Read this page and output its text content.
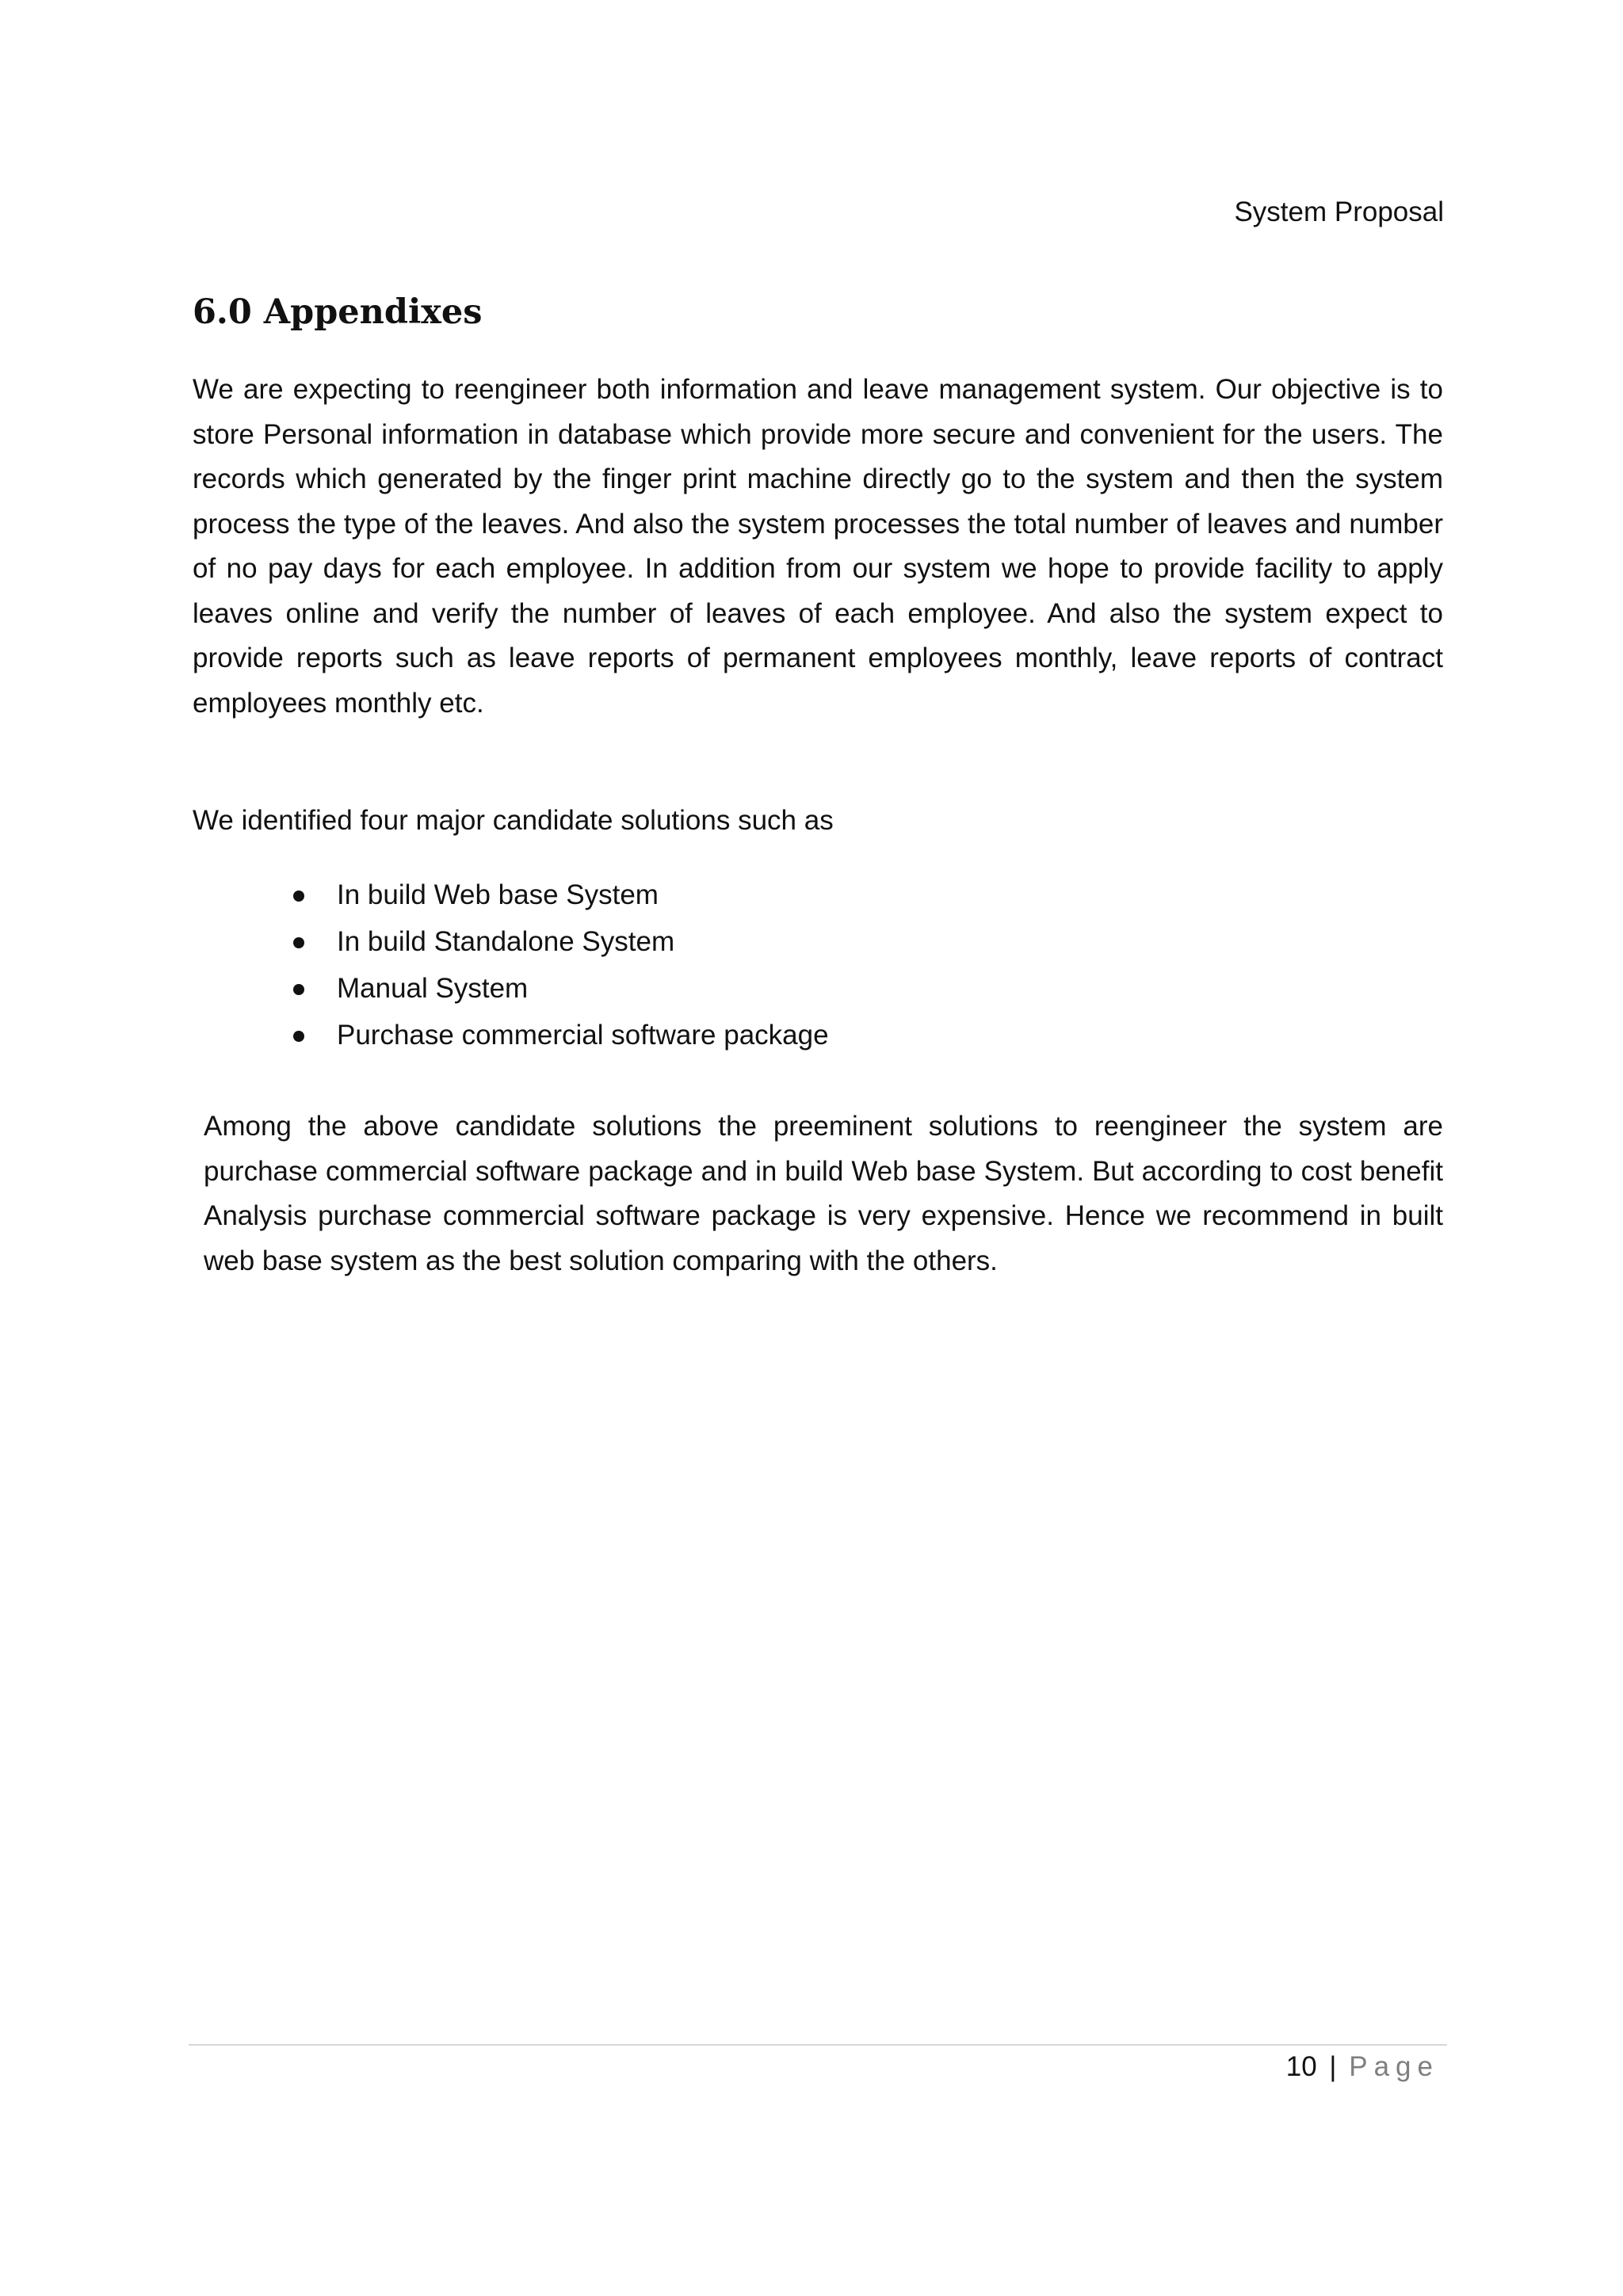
System Proposal
6.0 Appendixes

We are expecting to reengineer both information and leave management system. Our objective is to store Personal information in database which provide more secure and convenient for the users. The records which generated by the finger print machine directly go to the system and then the system process the type of the leaves. And also the system processes the total number of leaves and number of no pay days for each employee. In addition from our system we hope to provide facility to apply leaves online and verify the number of leaves of each employee. And also the system expect to provide reports such as leave reports of permanent employees monthly, leave reports of contract employees monthly etc.

We identified four major candidate solutions such as

In build Web base System
In build Standalone System
Manual System
Purchase commercial software package

Among the above candidate solutions the preeminent solutions to reengineer the system are purchase commercial software package and in build Web base System. But according to cost benefit Analysis purchase commercial software package is very expensive. Hence we recommend in built web base system as the best solution comparing with the others.

10 | Page
